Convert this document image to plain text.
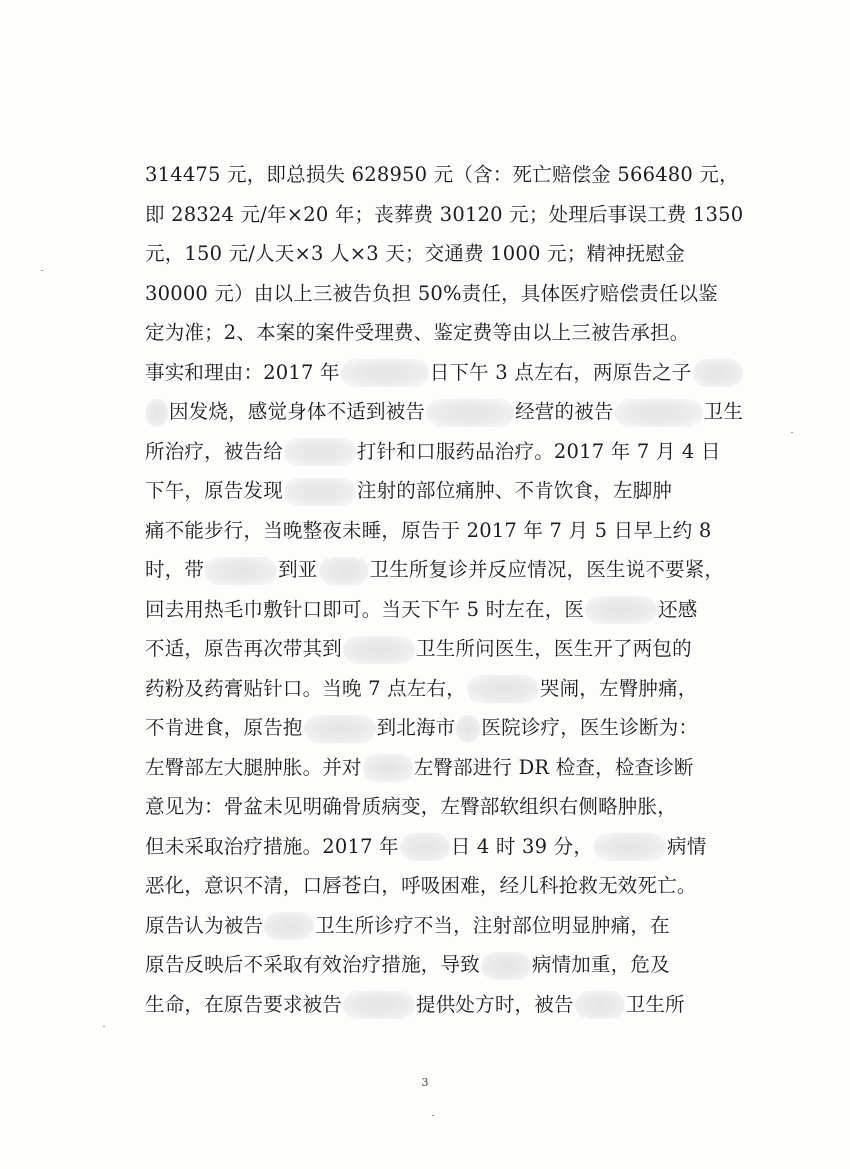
314475 元，即总损失 628950 元（含：死亡赔偿金 566480 元，
即 28324 元/年×20 年；丧葬费 30120 元；处理后事误工费 1350
元，150 元/人天×3 人×3 天；交通费 1000 元；精神抚慰金
30000 元）由以上三被告负担 50%责任，具体医疗赔偿责任以鉴
定为准；2、本案的案件受理费、鉴定费等由以上三被告承担。
事实和理由：2017 年	日下午 3 点左右，两原告之子
因发烧，感觉身体不适到被告	经营的被告	卫生
所治疗，被告给	打针和口服药品治疗。2017 年 7 月 4 日
下午，原告发现	注射的部位痛肿、不肯饮食，左脚肿
痛不能步行，当晚整夜未睡，原告于 2017 年 7 月 5 日早上约 8
时，带	到亚	卫生所复诊并反应情况，医生说不要紧，
回去用热毛巾敷针口即可。当天下午 5 时左在，医	还感
不适，原告再次带其到	卫生所问医生，医生开了两包的
药粉及药膏贴针口。当晚 7 点左右，	哭闹，左臀肿痛，
不肯进食，原告抱	到北海市 医院诊疗，医生诊断为：
左臀部左大腿肿胀。并对	左臀部进行 DR 检查，检查诊断
意见为：骨盆未见明确骨质病变，左臀部软组织右侧略肿胀，
但未采取治疗措施。2017 年	日 4 时 39 分，	病情
恶化，意识不清，口唇苍白，呼吸困难，经儿科抢救无效死亡。
原告认为被告	卫生所诊疗不当，注射部位明显肿痛，在
原告反映后不采取有效治疗措施，导致	病情加重，危及
生命，在原告要求被告	提供处方时，被告	卫生所
3
